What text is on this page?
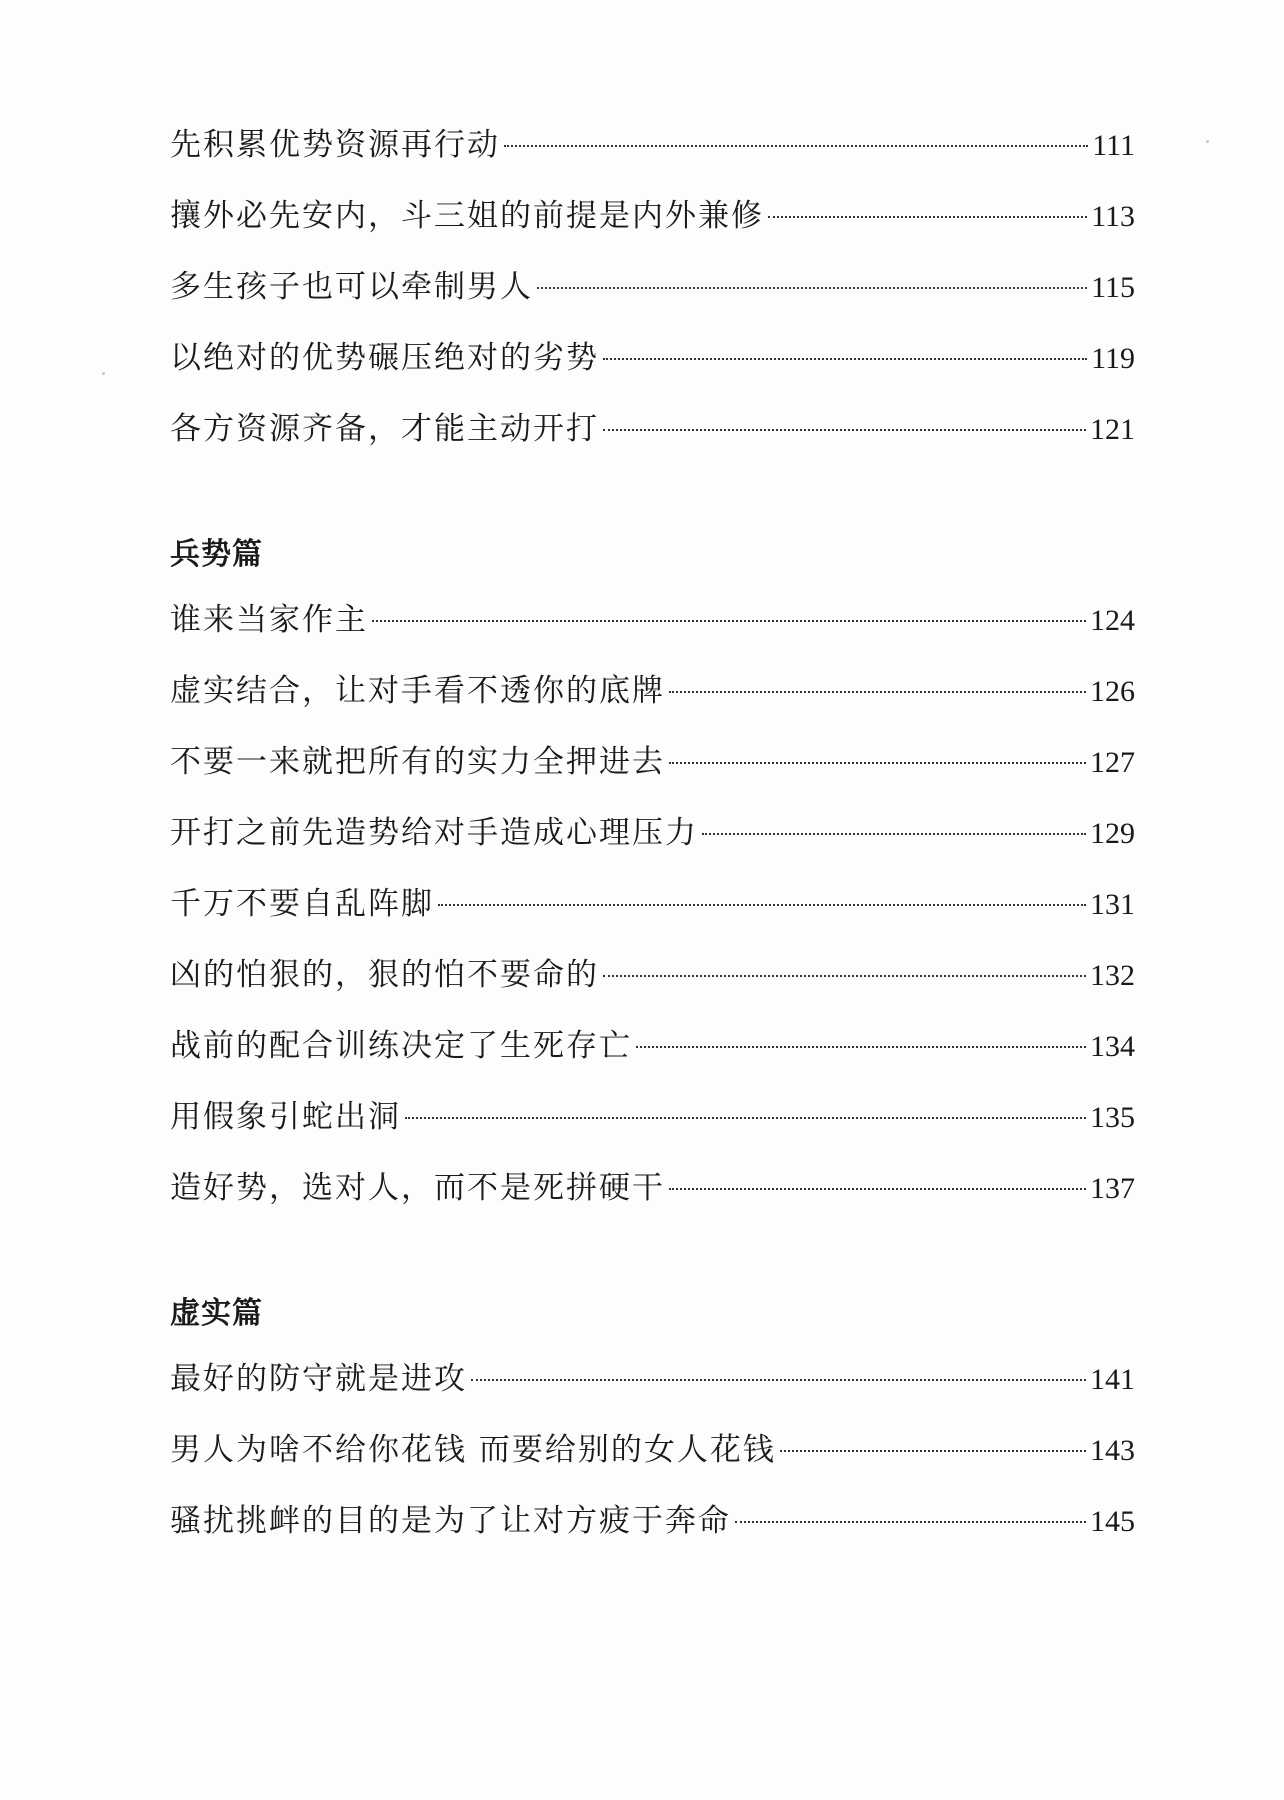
先积累优势资源再行动	111
攘外必先安内，斗三姐的前提是内外兼修	113
多生孩子也可以牵制男人	115
以绝对的优势碾压绝对的劣势	119
各方资源齐备，才能主动开打	121
兵势篇
谁来当家作主	124
虚实结合，让对手看不透你的底牌	126
不要一来就把所有的实力全押进去	127
开打之前先造势给对手造成心理压力	129
千万不要自乱阵脚	131
凶的怕狠的，狠的怕不要命的	132
战前的配合训练决定了生死存亡	134
用假象引蛇出洞	135
造好势，选对人，而不是死拼硬干	137
虚实篇
最好的防守就是进攻	141
男人为啥不给你花钱 而要给别的女人花钱	143
骚扰挑衅的目的是为了让对方疲于奔命	145
